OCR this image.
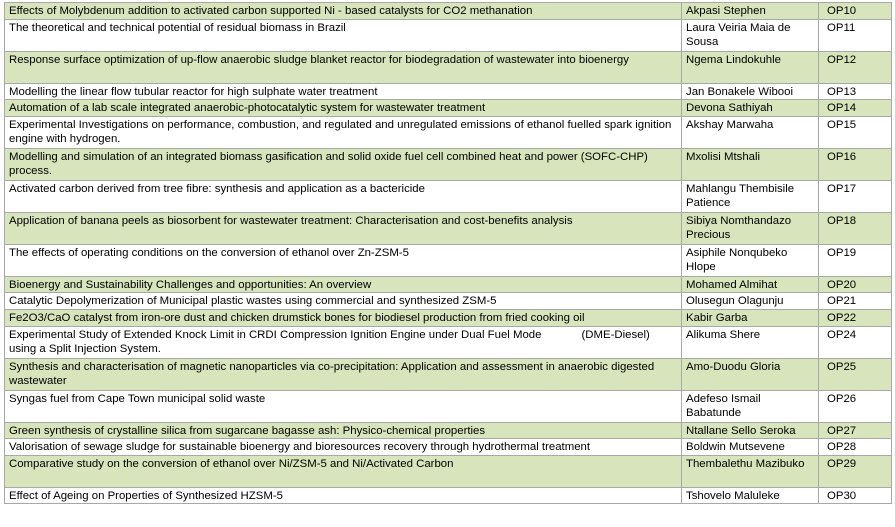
Effects of Molybdenum addition to activated carbon supported Ni - based catalysts for CO2 methanation	Akpasi Stephen	OP10
The theoretical and technical potential of residual biomass in Brazil	Laura Veiria Maia de Sousa	OP11
Response surface optimization of up-flow anaerobic sludge blanket reactor for biodegradation of wastewater into bioenergy	Ngema Lindokuhle	OP12
Modelling the linear flow tubular reactor for high sulphate water treatment	Jan Bonakele Wibooi	OP13
Automation of a lab scale integrated anaerobic-photocatalytic system for wastewater treatment	Devona Sathiyah	OP14
Experimental Investigations on performance, combustion, and regulated and unregulated emissions of ethanol fuelled spark ignition engine with hydrogen.	Akshay Marwaha	OP15
Modelling and simulation of an integrated biomass gasification and solid oxide fuel cell combined heat and power (SOFC-CHP) process.	Mxolisi Mtshali	OP16
Activated carbon derived from tree fibre: synthesis and application as a bactericide	Mahlangu Thembisile Patience	OP17
Application of banana peels as biosorbent for wastewater treatment: Characterisation and cost-benefits analysis	Sibiya Nomthandazo Precious	OP18
The effects of operating conditions on the conversion of ethanol over Zn-ZSM-5	Asiphile Nonqubeko Hlope	OP19
Bioenergy and Sustainability Challenges and opportunities: An overview	Mohamed Almihat	OP20
Catalytic Depolymerization of Municipal plastic wastes using commercial and synthesized ZSM-5	Olusegun Olagunju	OP21
Fe2O3/CaO catalyst from iron-ore dust and chicken drumstick bones for biodiesel production from fried cooking oil	Kabir Garba	OP22
Experimental Study of Extended Knock Limit in CRDI Compression Ignition Engine under Dual Fuel Mode (DME-Diesel) using a Split Injection System.	Alikuma Shere	OP24
Synthesis and characterisation of magnetic nanoparticles via co-precipitation: Application and assessment in anaerobic digested wastewater	Amo-Duodu Gloria	OP25
Syngas fuel from Cape Town municipal solid waste	Adefeso Ismail Babatunde	OP26
Green synthesis of crystalline silica from sugarcane bagasse ash: Physico-chemical properties	Ntallane Sello Seroka	OP27
Valorisation of sewage sludge for sustainable bioenergy and bioresources recovery through hydrothermal treatment	Boldwin Mutsevene	OP28
Comparative study on the conversion of ethanol over Ni/ZSM-5 and Ni/Activated Carbon	Thembalethu Mazibuko	OP29
Effect of Ageing on Properties of Synthesized HZSM-5	Tshovelo Maluleke	OP30
